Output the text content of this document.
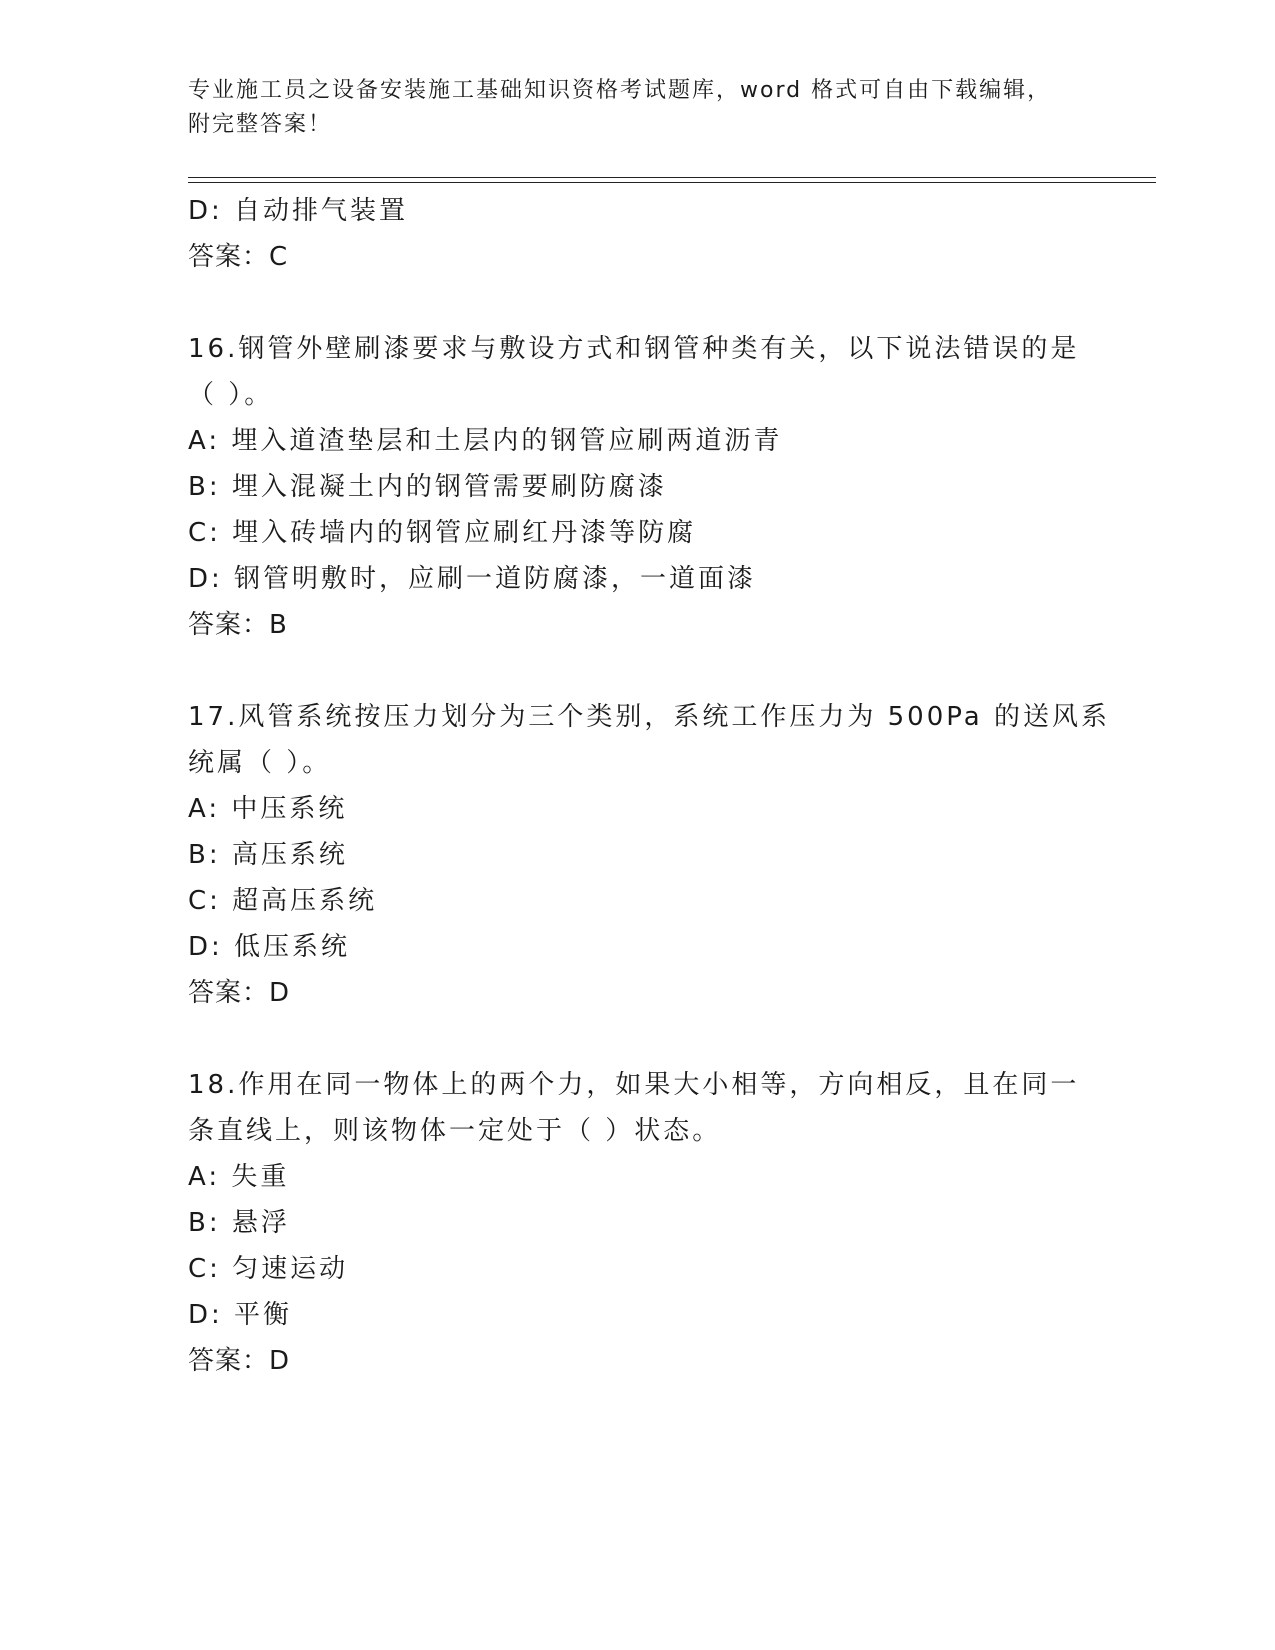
专业施工员之设备安装施工基础知识资格考试题库，word 格式可自由下载编辑，
附完整答案！
D: 自动排气装置
答案：C
16.钢管外壁刷漆要求与敷设方式和钢管种类有关，以下说法错误的是
（ ）。
A: 埋入道渣垫层和土层内的钢管应刷两道沥青
B: 埋入混凝土内的钢管需要刷防腐漆
C: 埋入砖墙内的钢管应刷红丹漆等防腐
D: 钢管明敷时，应刷一道防腐漆，一道面漆
答案：B
17.风管系统按压力划分为三个类别，系统工作压力为 500Pa 的送风系
统属（ ）。
A: 中压系统
B: 高压系统
C: 超高压系统
D: 低压系统
答案：D
18.作用在同一物体上的两个力，如果大小相等，方向相反，且在同一
条直线上，则该物体一定处于（ ）状态。
A: 失重
B: 悬浮
C: 匀速运动
D: 平衡
答案：D
